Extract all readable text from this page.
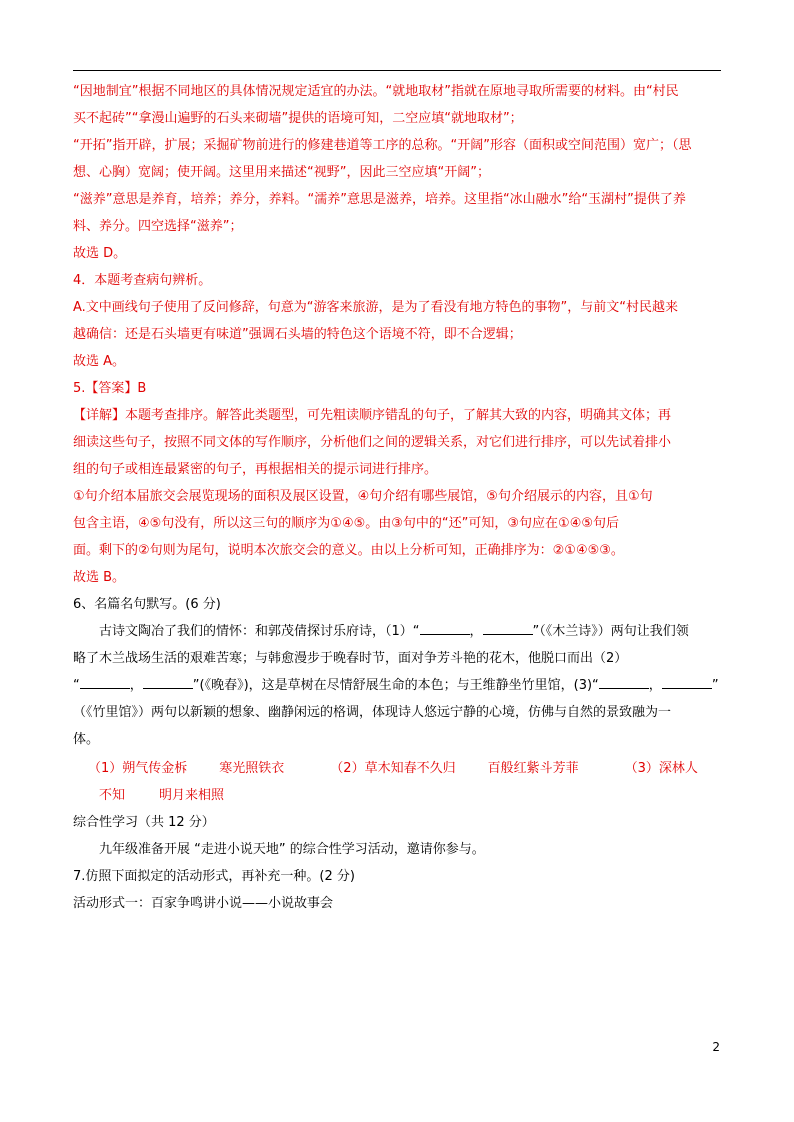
“因地制宜”根据不同地区的具体情况规定适宜的办法。“就地取材”指就在原地寻取所需要的材料。由“村民

买不起砖”“拿漫山遍野的石头来砌墙”提供的语境可知，二空应填“就地取材”；

“开拓”指开辟，扩展；采掘矿物前进行的修建巷道等工序的总称。“开阔”形容（面积或空间范围）宽广；（思

想、心胸）宽阔；使开阔。这里用来描述“视野”，因此三空应填“开阔”；

“滋养”意思是养育，培养；养分，养料。“濡养”意思是滋养，培养。这里指“冰山融水”给“玉湖村”提供了养

料、养分。四空选择“滋养”；

故选 D。

4．本题考查病句辨析。

A.文中画线句子使用了反问修辞，句意为“游客来旅游，是为了看没有地方特色的事物”，与前文“村民越来

越确信：还是石头墙更有味道”强调石头墙的特色这个语境不符，即不合逻辑；

故选 A。

5.【答案】B

【详解】本题考查排序。解答此类题型，可先粗读顺序错乱的句子，了解其大致的内容，明确其文体；再

细读这些句子，按照不同文体的写作顺序，分析他们之间的逻辑关系，对它们进行排序，可以先试着排小

组的句子或相连最紧密的句子，再根据相关的提示词进行排序。

①句介绍本届旅交会展览现场的面积及展区设置，④句介绍有哪些展馆，⑤句介绍展示的内容，且①句

包含主语，④⑤句没有，所以这三句的顺序为①④⑤。由③句中的“还”可知，③句应在①④⑤句后

面。剩下的②句则为尾句，说明本次旅交会的意义。由以上分析可知，正确排序为：②①④⑤③。

故选 B。

6、名篇名句默写。(6 分)

古诗文陶冶了我们的情怀：和郭茂倩探讨乐府诗，（1）“	，	”（《木兰诗》）两句让我们领

略了木兰战场生活的艰难苦寒；与韩愈漫步于晚春时节，面对争芳斗艳的花木，他脱口而出（2）

“	，	”(《晚春》)，这是草树在尽情舒展生命的本色；与王维静坐竹里馆，(3)“	，	”

（《竹里馆》）两句以新颖的想象、幽静闲远的格调，体现诗人悠远宁静的心境，仿佛与自然的景致融为一

体。

（1）朔气传金柝 寒光照铁衣	（2）草木知春不久归 百般红紫斗芳菲	（3）深林人

不知	明月来相照

综合性学习（共 12 分）

九年级准备开展 “走进小说天地” 的综合性学习活动，邀请你参与。

7.仿照下面拟定的活动形式，再补充一种。(2 分)

活动形式一：百家争鸣讲小说——小说故事会

2
